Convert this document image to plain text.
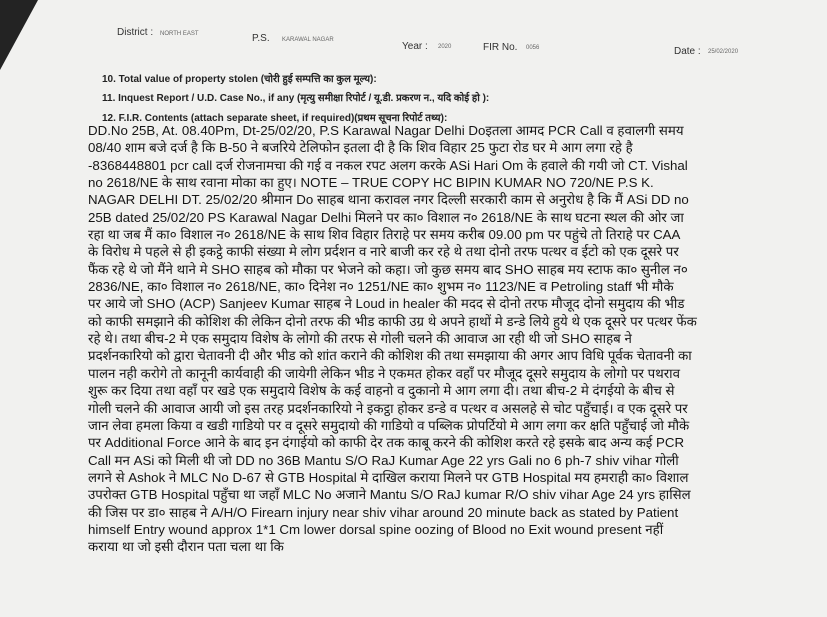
District : NORTH EAST	P.S. KARAWAL NAGAR
Year : 2020	FIR No. 0056	Date : 25/02/2020
10. Total value of property stolen (चोरी हुई सम्पत्ति का कुल मूल्य):
11. Inquest Report / U.D. Case No., if any (मृत्यु समीक्षा रिपोर्ट / यू.डी. प्रकरण न., यदि कोई हो ):
12. F.I.R. Contents (attach separate sheet, if required)(प्रथम सूचना रिपोर्ट तथ्य):
DD.No 25B, At. 08.40Pm, Dt-25/02/20, P.S Karawal Nagar Delhi Doइतला आमद PCR Call व हवालगी समय
08/40 शाम बजे दर्ज है कि B-50 ने बजरिये टेलिफोन इतला दी है कि शिव विहार 25 फुटा रोड घर मे आग लगा रहे है
-8368448801 pcr call दर्ज रोजनामचा की गई व नकल रपट अलग करके ASi Hari Om के हवाले की गयी जो CT. Vishal
no 2618/NE के साथ रवाना मोका का हुए। NOTE – TRUE COPY HC BIPIN KUMAR NO 720/NE P.S K.
NAGAR DELHI DT. 25/02/20 श्रीमान Do साहब थाना करावल नगर दिल्ली सरकारी काम से अनुरोध है कि मैं ASi DD no
25B dated 25/02/20 PS Karawal Nagar Delhi मिलने पर का० विशाल न० 2618/NE के साथ घटना स्थल की ओर जा
रहा था जब मैं का० विशाल न० 2618/NE के साथ शिव विहार तिराहे पर समय करीब 09.00 pm पर पहुंचे तो तिराहे पर CAA
के विरोध मे पहले से ही इकट्ठे काफी संख्या मे लोग प्रर्दशन व नारे बाजी कर रहे थे तथा दोनो तरफ पत्थर व ईटो को एक दूसरे पर
फैंक रहे थे जो मैंने थाने मे SHO साहब को मौका पर भेजने को कहा। जो कुछ समय बाद SHO साहब मय स्टाफ का० सुनील न०
2836/NE, का० विशाल न० 2618/NE, का० दिनेश न० 1251/NE का० शुभम न० 1123/NE व Petroling staff भी मौके
पर आये जो SHO (ACP) Sanjeev Kumar साहब ने Loud in healer की मदद से दोनो तरफ मौजूद दोनो समुदाय की भीड
को काफी समझाने की कोशिश की लेकिन दोनो तरफ की भीड काफी उग्र थे अपने हाथों मे डन्डे लिये हुये थे एक दूसरे पर पत्थर फेंक
रहे थे। तथा बीच-2 मे एक समुदाय विशेष के लोगो की तरफ से गोली चलने की आवाज आ रही थी जो SHO साहब ने
प्रदर्शनकारियो को द्वारा चेतावनी दी और भीड को शांत कराने की कोशिश की तथा समझाया की अगर आप विधि पूर्वक चेतावनी का
पालन नही करोगे तो कानूनी कार्यवाही की जायेगी लेकिन भीड ने एकमत होकर वहाँ पर मौजूद दूसरे समुदाय के लोगो पर पथराव
शुरू कर दिया तथा वहाँ पर खडे एक समुदाये विशेष के कई वाहनो व दुकानो मे आग लगा दी। तथा बीच-2 मे दंगईयो के बीच से
गोली चलने की आवाज आयी जो इस तरह प्रदर्शनकारियो ने इकट्ठा होकर डन्डे व पत्थर व असलहे से चोट पहुँचाई। व एक दूसरे पर
जान लेवा हमला किया व खडी गाडियो पर व दूसरे समुदायो की गाडियो व पब्लिक प्रोपर्टियो मे आग लगा कर क्षति पहुँचाई जो मौके
पर Additional Force आने के बाद इन दंगाईयो को काफी देर तक काबू करने की कोशिश करते रहे इसके बाद अन्य कई PCR
Call मन ASi को मिली थी जो DD no 36B Mantu S/O RaJ Kumar Age 22 yrs Gali no 6 ph-7 shiv vihar गोली
लगने से Ashok ने MLC No D-67 से GTB Hospital मे दाखिल कराया मिलने पर GTB Hospital मय हमराही का० विशाल
उपरोक्त GTB Hospital पहुँचा था जहाँ MLC No अजाने Mantu S/O RaJ kumar R/O shiv vihar Age 24 yrs हासिल
की जिस पर डा० साहब ने A/H/O Firearn injury near shiv vihar around 20 minute back as stated by Patient
himself Entry wound approx 1*1 Cm lower dorsal spine oozing of Blood no Exit wound present नहीं
कराया था जो इसी दौरान पता चला था कि
